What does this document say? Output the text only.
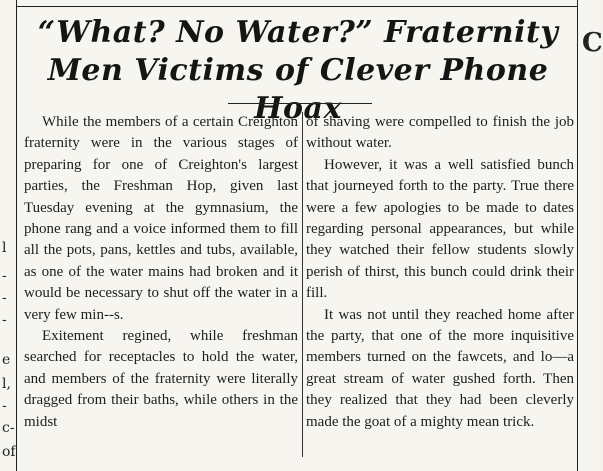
l
-
-
-
e
l,
-
c-
of
C
“What? No Water?” Fraternity
Men Victims of Clever Phone Hoax

While the members of a certain Creighton fraternity were in the various stages of preparing for one of Creighton's largest parties, the Freshman Hop, given last Tuesday evening at the gymnasium, the phone rang and a voice informed them to fill all the pots, pans, kettles and tubs, available, as one of the water mains had broken and it would be necessary to shut off the water in a very few min--s.

Exitement regined, while freshman searched for receptacles to hold the water, and members of the fraternity were literally dragged from their baths, while others in the midst

of shaving were compelled to finish the job without water.

However, it was a well satisfied bunch that journeyed forth to the party. True there were a few apologies to be made to dates regarding personal appearances, but while they watched their fellow students slowly perish of thirst, this bunch could drink their fill.

It was not until they reached home after the party, that one of the more inquisitive members turned on the fawcets, and lo—a great stream of water gushed forth. Then they realized that they had been cleverly made the goat of a mighty mean trick.
